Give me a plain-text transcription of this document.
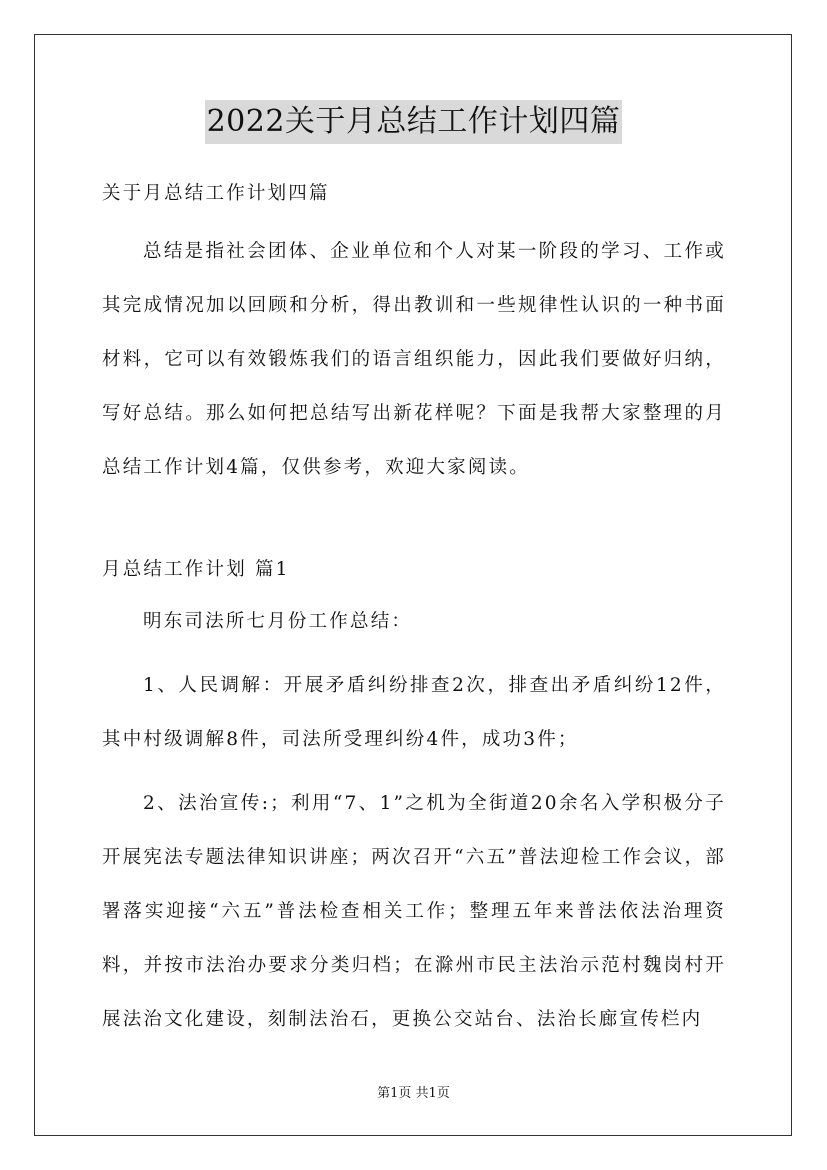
2022关于月总结工作计划四篇
关于月总结工作计划四篇

总结是指社会团体、企业单位和个人对某一阶段的学习、工作或其完成情况加以回顾和分析，得出教训和一些规律性认识的一种书面材料，它可以有效锻炼我们的语言组织能力，因此我们要做好归纳，写好总结。那么如何把总结写出新花样呢？下面是我帮大家整理的月总结工作计划4篇，仅供参考，欢迎大家阅读。

月总结工作计划 篇1

明东司法所七月份工作总结：

1、人民调解：开展矛盾纠纷排查2次，排查出矛盾纠纷12件，其中村级调解8件，司法所受理纠纷4件，成功3件；

2、法治宣传:；利用“7、1”之机为全街道20余名入学积极分子开展宪法专题法律知识讲座；两次召开“六五”普法迎检工作会议，部署落实迎接“六五”普法检查相关工作；整理五年来普法依法治理资料，并按市法治办要求分类归档；在滁州市民主法治示范村魏岗村开展法治文化建设，刻制法治石，更换公交站台、法治长廊宣传栏内

第1页 共1页
